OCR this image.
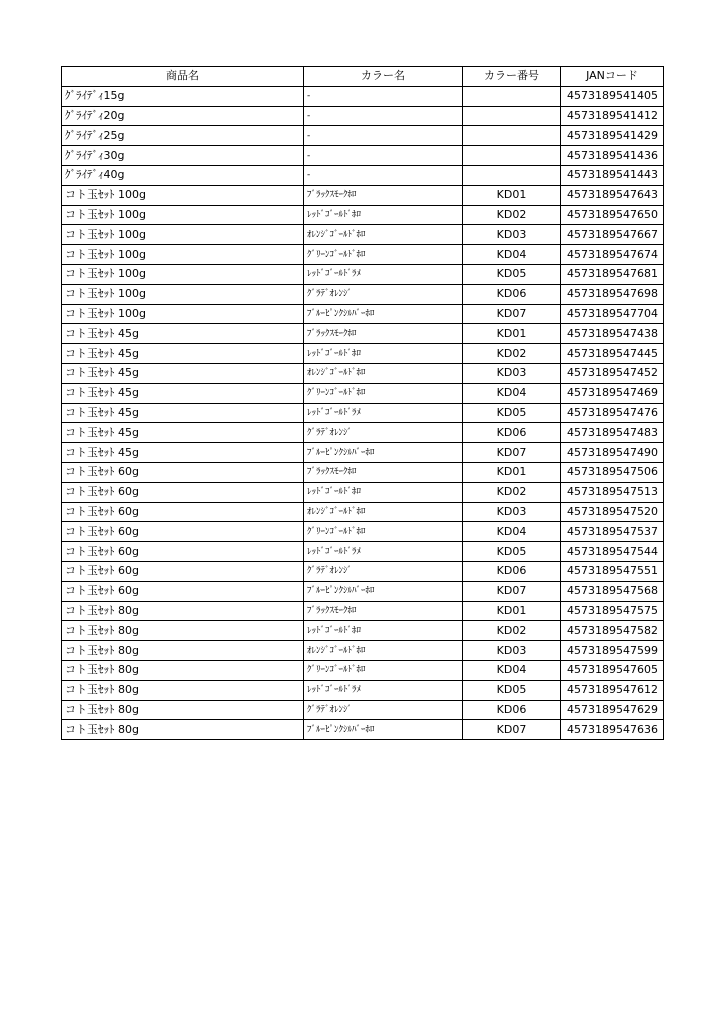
商品名	カラー名	カラー番号	JANコード
ｸﾞﾗｲﾃﾞｨ15g	-		4573189541405
ｸﾞﾗｲﾃﾞｨ20g	-		4573189541412
ｸﾞﾗｲﾃﾞｨ25g	-		4573189541429
ｸﾞﾗｲﾃﾞｨ30g	-		4573189541436
ｸﾞﾗｲﾃﾞｨ40g	-		4573189541443
コト玉ｾｯﾄ 100g	ﾌﾞﾗｯｸｽﾓｰｸﾎﾛ	KD01	4573189547643
コト玉ｾｯﾄ 100g	ﾚｯﾄﾞｺﾞｰﾙﾄﾞﾎﾛ	KD02	4573189547650
コト玉ｾｯﾄ 100g	ｵﾚﾝｼﾞｺﾞｰﾙﾄﾞﾎﾛ	KD03	4573189547667
コト玉ｾｯﾄ 100g	ｸﾞﾘｰﾝｺﾞｰﾙﾄﾞﾎﾛ	KD04	4573189547674
コト玉ｾｯﾄ 100g	ﾚｯﾄﾞｺﾞｰﾙﾄﾞﾗﾒ	KD05	4573189547681
コト玉ｾｯﾄ 100g	ｸﾞﾗﾃﾞｵﾚﾝｼﾞ	KD06	4573189547698
コト玉ｾｯﾄ 100g	ﾌﾞﾙｰﾋﾟﾝｸｼﾙﾊﾞｰﾎﾛ	KD07	4573189547704
コト玉ｾｯﾄ 45g	ﾌﾞﾗｯｸｽﾓｰｸﾎﾛ	KD01	4573189547438
コト玉ｾｯﾄ 45g	ﾚｯﾄﾞｺﾞｰﾙﾄﾞﾎﾛ	KD02	4573189547445
コト玉ｾｯﾄ 45g	ｵﾚﾝｼﾞｺﾞｰﾙﾄﾞﾎﾛ	KD03	4573189547452
コト玉ｾｯﾄ 45g	ｸﾞﾘｰﾝｺﾞｰﾙﾄﾞﾎﾛ	KD04	4573189547469
コト玉ｾｯﾄ 45g	ﾚｯﾄﾞｺﾞｰﾙﾄﾞﾗﾒ	KD05	4573189547476
コト玉ｾｯﾄ 45g	ｸﾞﾗﾃﾞｵﾚﾝｼﾞ	KD06	4573189547483
コト玉ｾｯﾄ 45g	ﾌﾞﾙｰﾋﾟﾝｸｼﾙﾊﾞｰﾎﾛ	KD07	4573189547490
コト玉ｾｯﾄ 60g	ﾌﾞﾗｯｸｽﾓｰｸﾎﾛ	KD01	4573189547506
コト玉ｾｯﾄ 60g	ﾚｯﾄﾞｺﾞｰﾙﾄﾞﾎﾛ	KD02	4573189547513
コト玉ｾｯﾄ 60g	ｵﾚﾝｼﾞｺﾞｰﾙﾄﾞﾎﾛ	KD03	4573189547520
コト玉ｾｯﾄ 60g	ｸﾞﾘｰﾝｺﾞｰﾙﾄﾞﾎﾛ	KD04	4573189547537
コト玉ｾｯﾄ 60g	ﾚｯﾄﾞｺﾞｰﾙﾄﾞﾗﾒ	KD05	4573189547544
コト玉ｾｯﾄ 60g	ｸﾞﾗﾃﾞｵﾚﾝｼﾞ	KD06	4573189547551
コト玉ｾｯﾄ 60g	ﾌﾞﾙｰﾋﾟﾝｸｼﾙﾊﾞｰﾎﾛ	KD07	4573189547568
コト玉ｾｯﾄ 80g	ﾌﾞﾗｯｸｽﾓｰｸﾎﾛ	KD01	4573189547575
コト玉ｾｯﾄ 80g	ﾚｯﾄﾞｺﾞｰﾙﾄﾞﾎﾛ	KD02	4573189547582
コト玉ｾｯﾄ 80g	ｵﾚﾝｼﾞｺﾞｰﾙﾄﾞﾎﾛ	KD03	4573189547599
コト玉ｾｯﾄ 80g	ｸﾞﾘｰﾝｺﾞｰﾙﾄﾞﾎﾛ	KD04	4573189547605
コト玉ｾｯﾄ 80g	ﾚｯﾄﾞｺﾞｰﾙﾄﾞﾗﾒ	KD05	4573189547612
コト玉ｾｯﾄ 80g	ｸﾞﾗﾃﾞｵﾚﾝｼﾞ	KD06	4573189547629
コト玉ｾｯﾄ 80g	ﾌﾞﾙｰﾋﾟﾝｸｼﾙﾊﾞｰﾎﾛ	KD07	4573189547636
